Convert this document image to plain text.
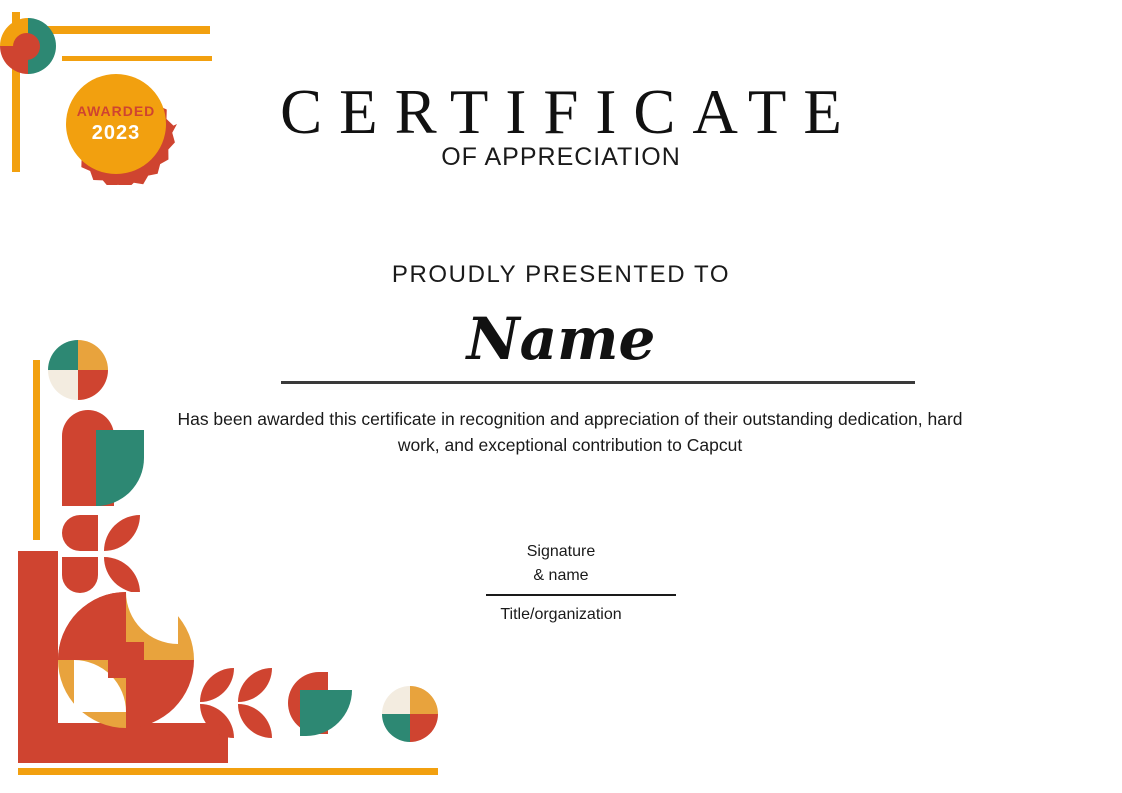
AWARDED
2023	CERTIFICATE
OF APPRECIATION
PROUDLY PRESENTED TO
Name
Has been awarded this certificate in recognition and appreciation of their outstanding dedication, hard work, and exceptional contribution to Capcut
Signature
& name
Title/organization
